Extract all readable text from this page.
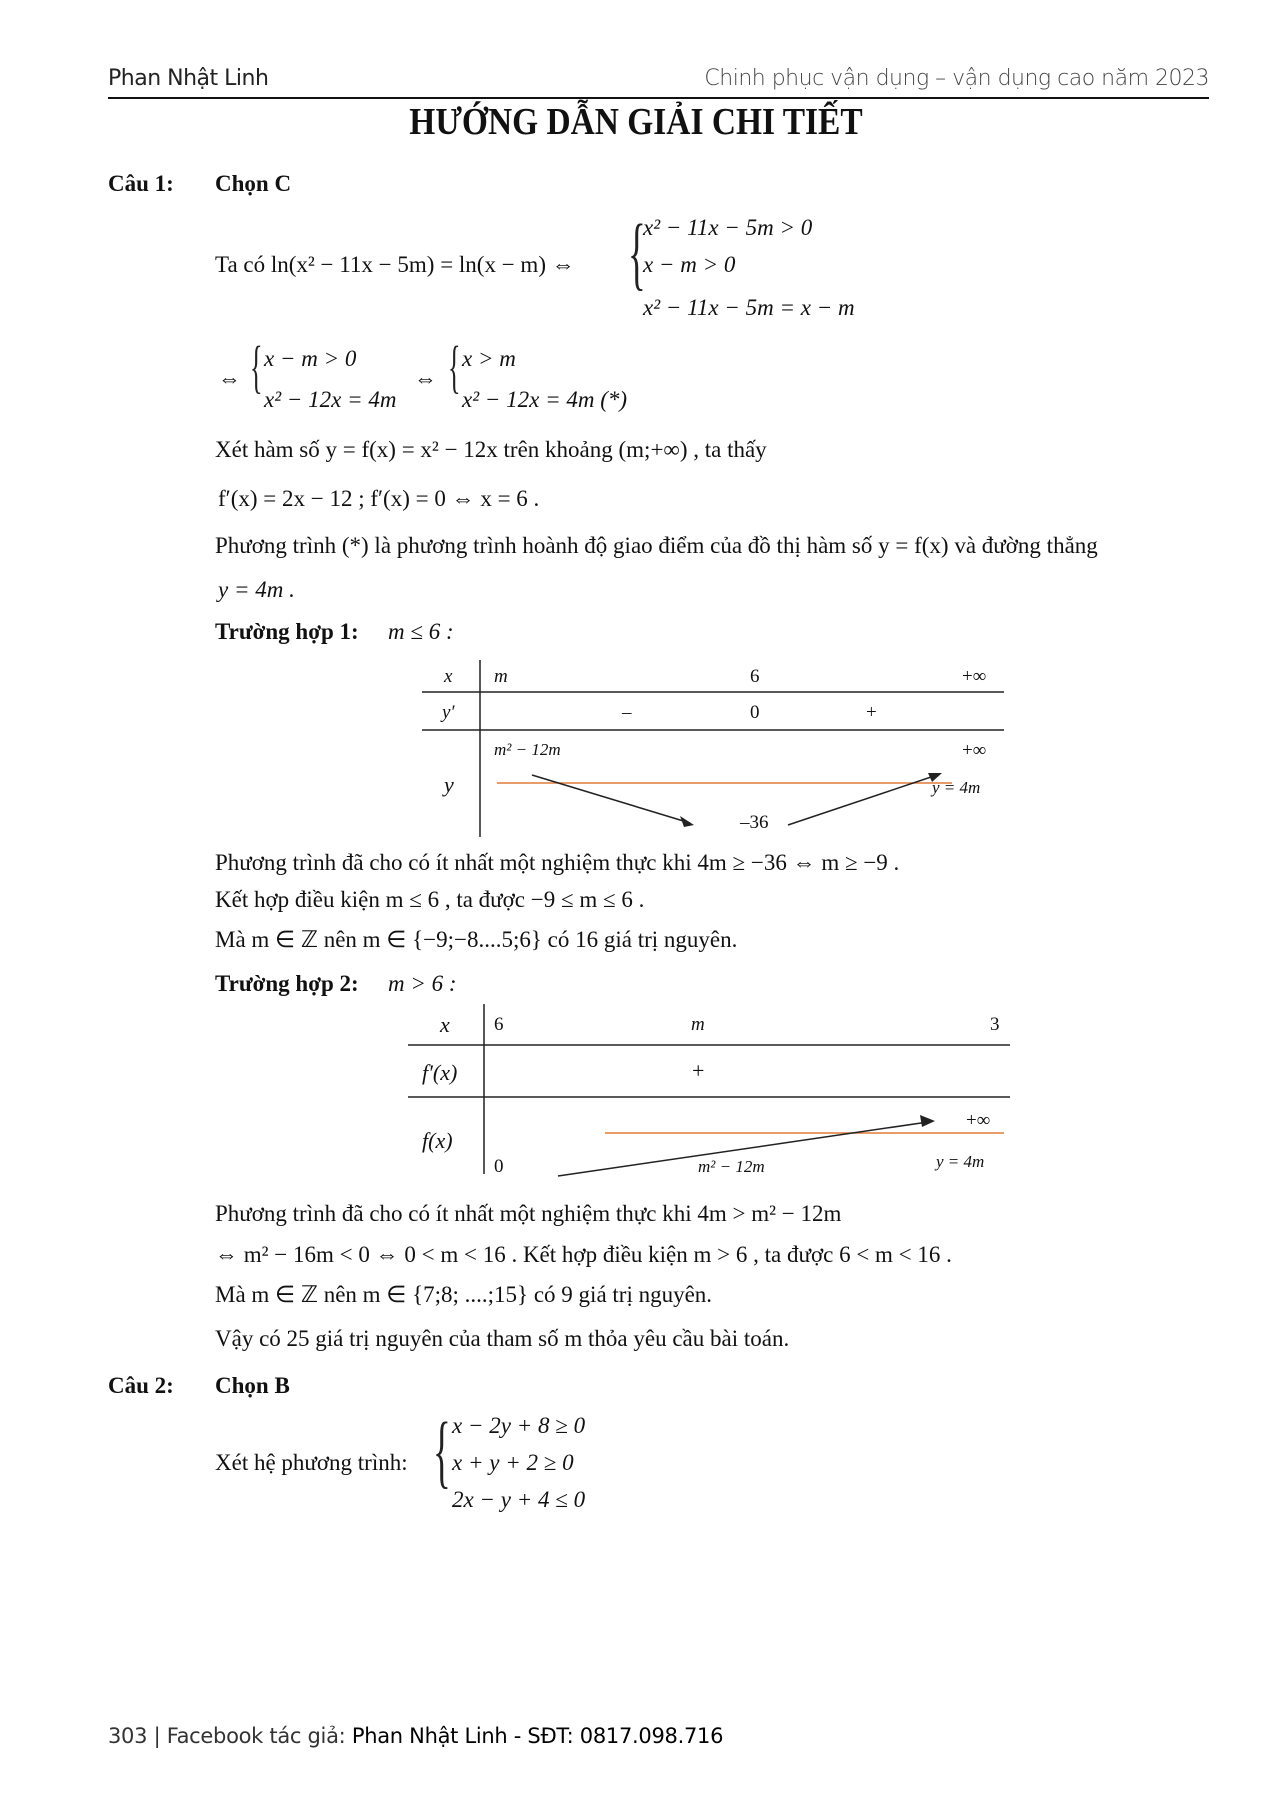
Phan Nhật Linh	Chinh phục vận dụng – vận dụng cao năm 2023
HƯỚNG DẪN GIẢI CHI TIẾT
Câu 1: Chọn C
Ta có ln(x² − 11x − 5m) = ln(x − m) ⇔ {
x² − 11x − 5m > 0
x − m > 0
x² − 11x − 5m = x − m
⇔ { x − m > 0
x² − 12x = 4m
⇔ { x > m
x² − 12x = 4m (*)
Xét hàm số y = f(x) = x² − 12x trên khoảng (m;+∞) , ta thấy
f′(x) = 2x − 12 ; f′(x) = 0 ⇔ x = 6 .
Phương trình (*) là phương trình hoành độ giao điểm của đồ thị hàm số y = f(x) và đường thẳng
y = 4m .
Trường hợp 1: m ≤ 6 :
x m	6	+∞
y′	–	0	+
y
m² − 12m	+∞
–36
y = 4m
Phương trình đã cho có ít nhất một nghiệm thực khi 4m ≥ −36 ⇔ m ≥ −9 .
Kết hợp điều kiện m ≤ 6 , ta được −9 ≤ m ≤ 6 .
Mà m ∈ ℤ nên m ∈ {−9;−8....5;6} có 16 giá trị nguyên.
Trường hợp 2: m > 6 :
x 6	m	3
f′(x)	+
f(x)
0	m² − 12m
+∞
y = 4m
Phương trình đã cho có ít nhất một nghiệm thực khi 4m > m² − 12m
⇔ m² − 16m < 0 ⇔ 0 < m < 16 . Kết hợp điều kiện m > 6 , ta được 6 < m < 16 .
Mà m ∈ ℤ nên m ∈ {7;8; ....;15} có 9 giá trị nguyên.
Vậy có 25 giá trị nguyên của tham số m thỏa yêu cầu bài toán.
Câu 2: Chọn B
Xét hệ phương trình: { x − 2y + 8 ≥ 0
x + y + 2 ≥ 0
2x − y + 4 ≤ 0
303 | Facebook tác giả: Phan Nhật Linh - SĐT: 0817.098.716
